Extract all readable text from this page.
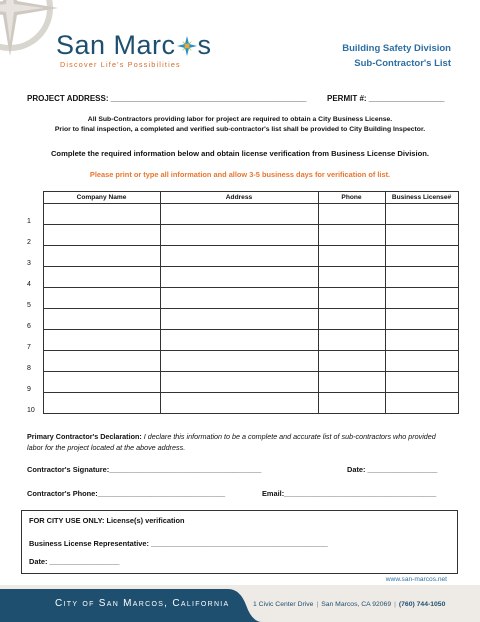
San Marc s
Discover Life's Possibilities
Building Safety Division
Sub-Contractor's List
PROJECT ADDRESS: ____________________________________________	PERMIT #: _________________
All Sub-Contractors providing labor for project are required to obtain a City Business License.
Prior to final inspection, a completed and verified sub-contractor's list shall be provided to City Building Inspector.
Complete the required information below and obtain license verification from Business License Division.
Please print or type all information and allow 3-5 business days for verification of list.
	Company Name	Address	Phone	Business License#
1				
2				
3				
4				
5				
6				
7				
8				
9				
10				
Primary Contractor's Declaration: I declare this information to be a complete and accurate list of sub-contractors who provided labor for the project located at the above address.
Contractor's Signature:_____________________________________	Date: _________________
Contractor's Phone:_______________________________	Email:_____________________________________
FOR CITY USE ONLY: License(s) verification
Business License Representative: ___________________________________________
Date: _________________
www.san-marcos.net
City of San Marcos, California	1 Civic Center Drive | San Marcos, CA 92069 | (760) 744-1050
